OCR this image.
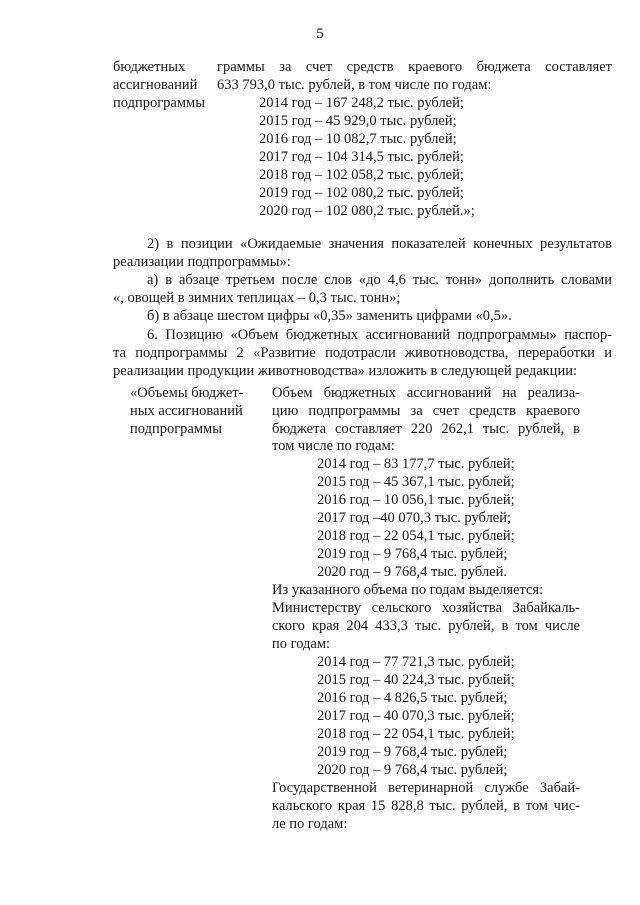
5
бюджетных
ассигнований
подпрограммы
граммы за счет средств краевого бюджета составляет
633 793,0 тыс. рублей, в том числе по годам:
2014 год – 167 248,2 тыс. рублей;
2015 год – 45 929,0 тыс. рублей;
2016 год – 10 082,7 тыс. рублей;
2017 год – 104 314,5 тыс. рублей;
2018 год – 102 058,2 тыс. рублей;
2019 год – 102 080,2 тыс. рублей;
2020 год – 102 080,2 тыс. рублей.»;
2) в позиции «Ожидаемые значения показателей конечных результатов
реализации подпрограммы»:
а) в абзаце третьем после слов «до 4,6 тыс. тонн» дополнить словами
«, овощей в зимних теплицах – 0,3 тыс. тонн»;
б) в абзаце шестом цифры «0,35» заменить цифрами «0,5».
6. Позицию «Объем бюджетных ассигнований подпрограммы» паспор-
та подпрограммы 2 «Развитие подотрасли животноводства, переработки и
реализации продукции животноводства» изложить в следующей редакции:
«Объемы бюджет-
ных ассигнований
подпрограммы
Объем бюджетных ассигнований на реализа-
цию подпрограммы за счет средств краевого
бюджета составляет 220 262,1 тыс. рублей, в
том числе по годам:
2014 год – 83 177,7 тыс. рублей;
2015 год – 45 367,1 тыс. рублей;
2016 год – 10 056,1 тыс. рублей;
2017 год –40 070,3 тыс. рублей;
2018 год – 22 054,1 тыс. рублей;
2019 год – 9 768,4 тыс. рублей;
2020 год – 9 768,4 тыс. рублей.
Из указанного объема по годам выделяется:
Министерству сельского хозяйства Забайкаль-
ского края 204 433,3 тыс. рублей, в том числе
по годам:
2014 год – 77 721,3 тыс. рублей;
2015 год – 40 224,3 тыс. рублей;
2016 год – 4 826,5 тыс. рублей;
2017 год – 40 070,3 тыс. рублей;
2018 год – 22 054,1 тыс. рублей;
2019 год – 9 768,4 тыс. рублей;
2020 год – 9 768,4 тыс. рублей;
Государственной ветеринарной службе Забай-
кальского края 15 828,8 тыс. рублей, в том чис-
ле по годам:
